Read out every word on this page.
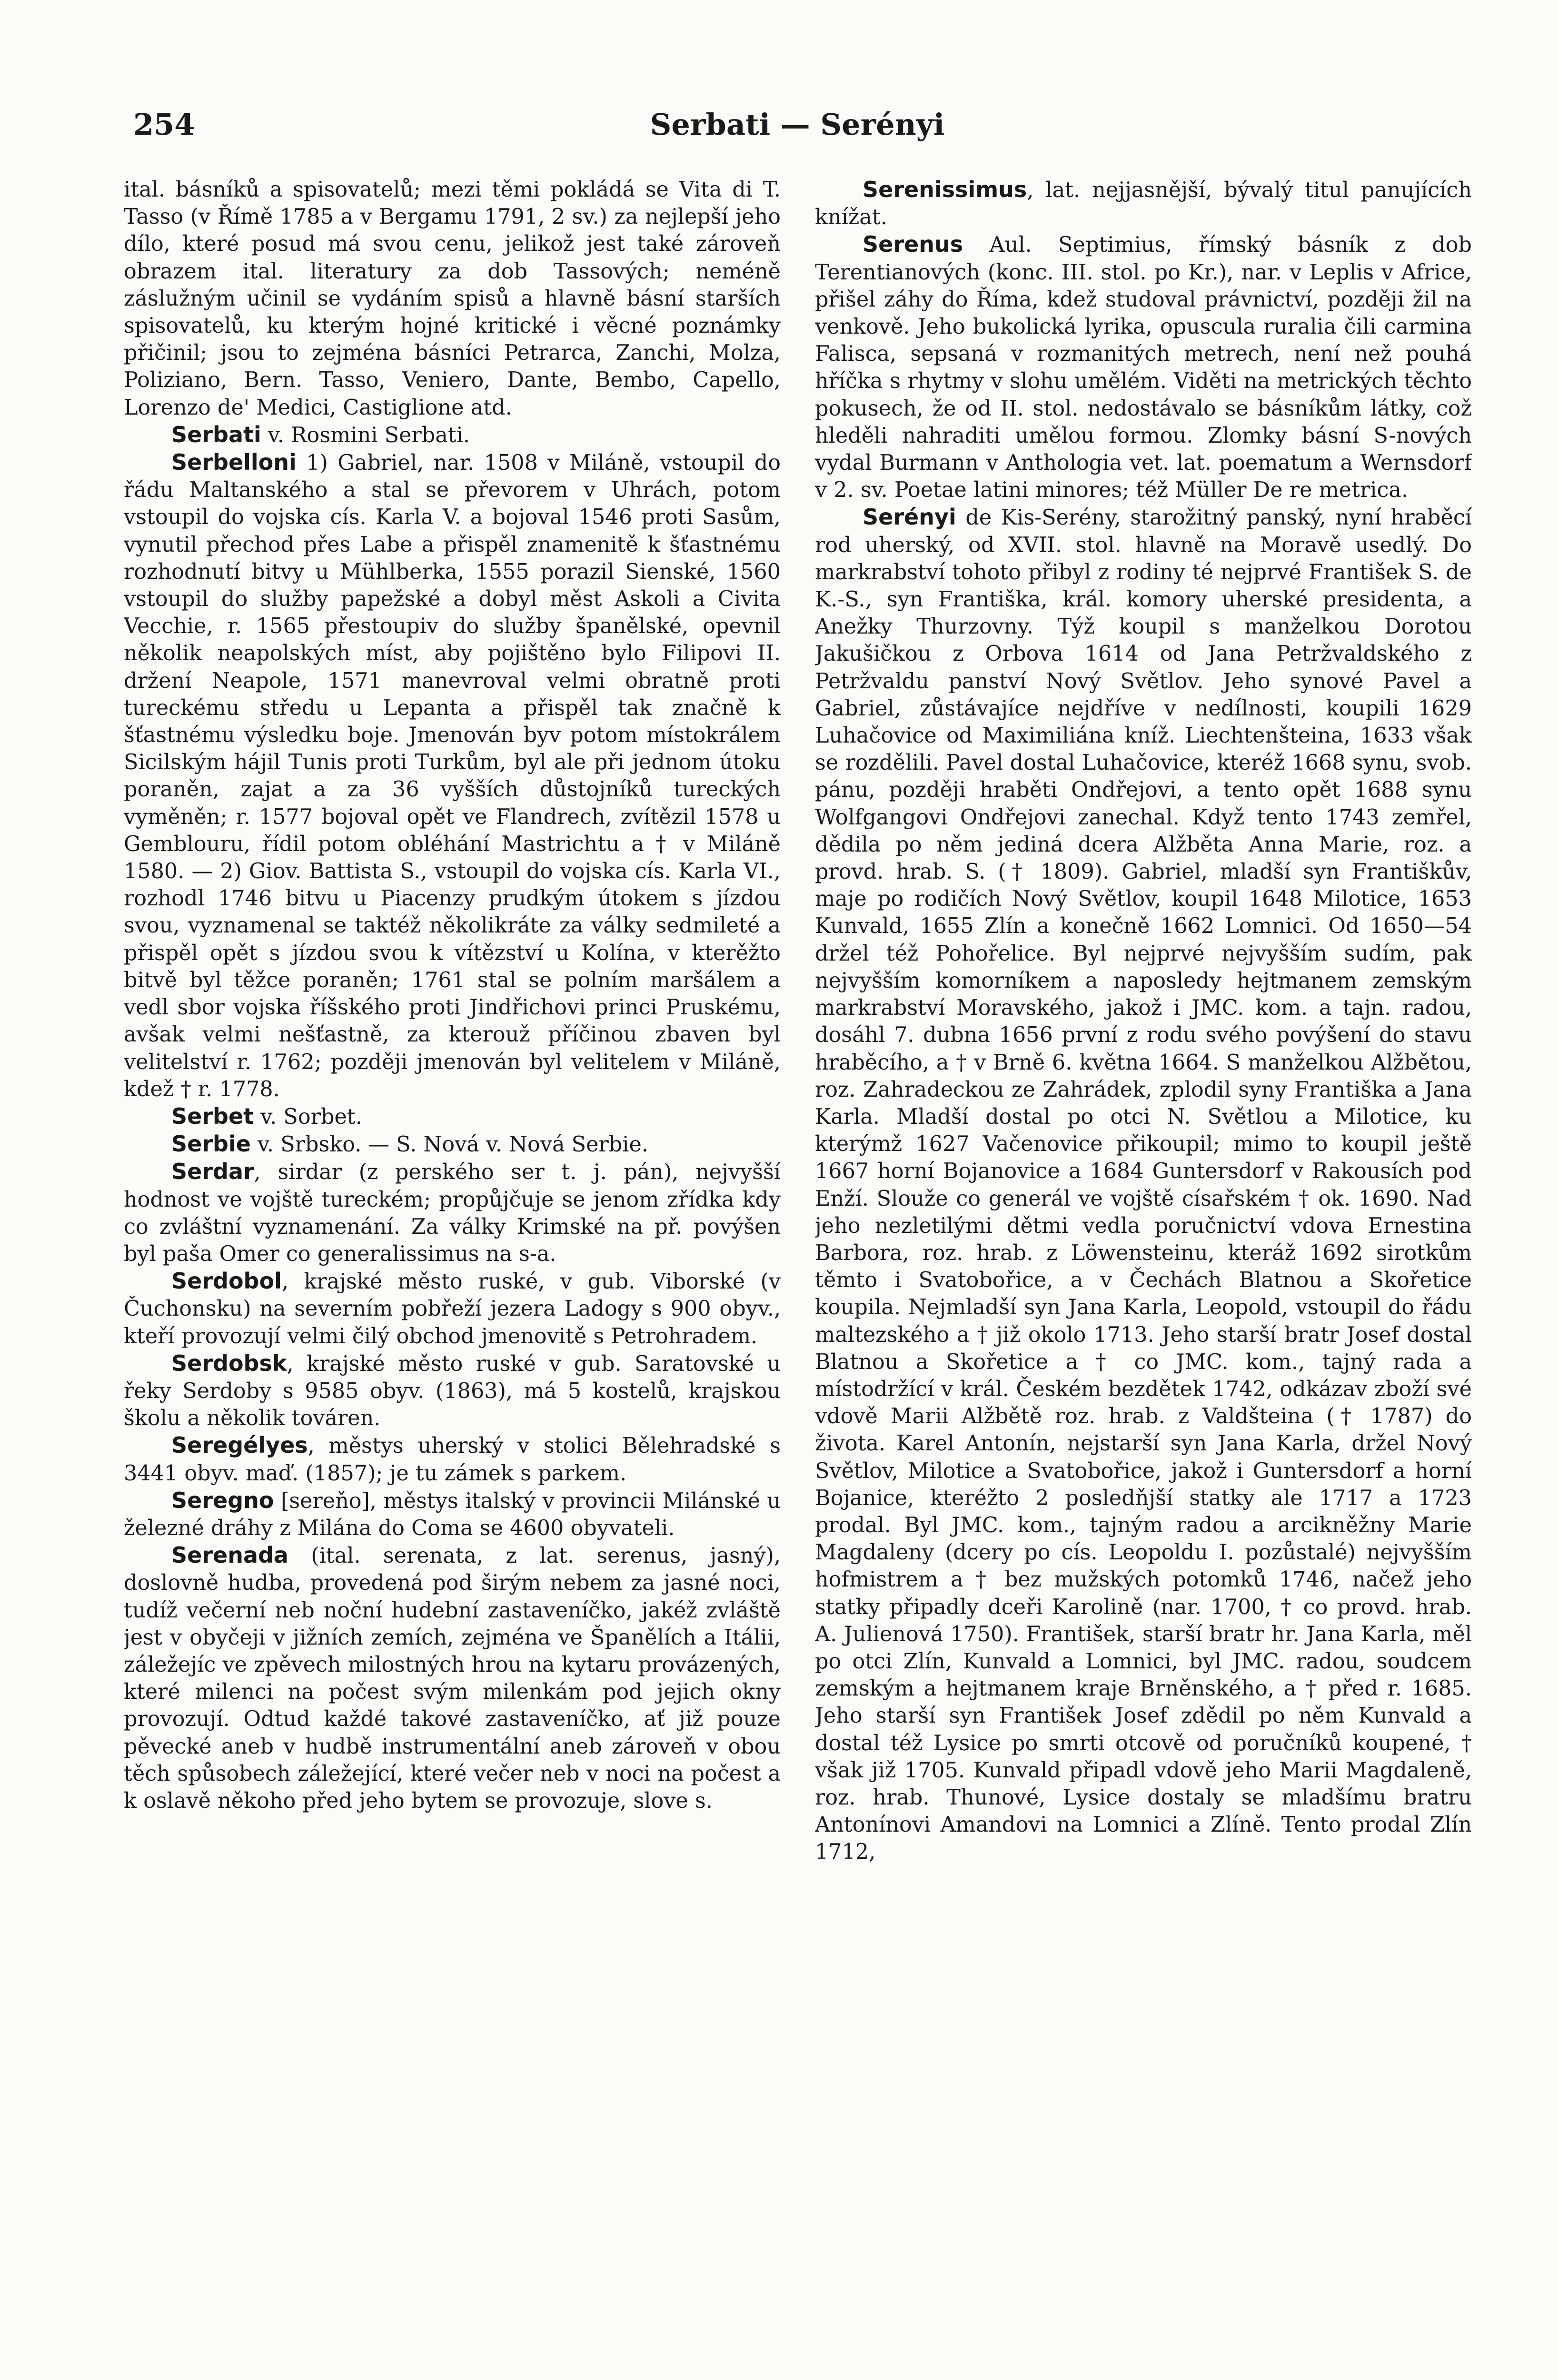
254	Serbati — Serényi

ital. básníků a spisovatelů; mezi těmi pokládá se Vita di T. Tasso (v Římě 1785 a v Bergamu 1791, 2 sv.) za nejlepší jeho dílo, které posud má svou cenu, jelikož jest také zároveň obrazem ital. literatury za dob Tassových; neméně záslužným učinil se vydáním spisů a hlavně básní starších spisovatelů, ku kterým hojné kritické i věcné poznámky přičinil; jsou to zejména básníci Petrarca, Zanchi, Molza, Poliziano, Bern. Tasso, Veniero, Dante, Bembo, Capello, Lorenzo de' Medici, Castiglione atd.

Serbati v. Rosmini Serbati.

Serbelloni 1) Gabriel, nar. 1508 v Miláně, vstoupil do řádu Maltanského a stal se převorem v Uhrách, potom vstoupil do vojska cís. Karla V. a bojoval 1546 proti Sasům, vynutil přechod přes Labe a přispěl znamenitě k šťastnému rozhodnutí bitvy u Mühlberka, 1555 porazil Sienské, 1560 vstoupil do služby papežské a dobyl měst Askoli a Civita Vecchie, r. 1565 přestoupiv do služby španělské, opevnil několik neapolských míst, aby pojištěno bylo Filipovi II. držení Neapole, 1571 manevroval velmi obratně proti tureckému středu u Lepanta a přispěl tak značně k šťastnému výsledku boje. Jmenován byv potom místokrálem Sicilským hájil Tunis proti Turkům, byl ale při jednom útoku poraněn, zajat a za 36 vyšších důstojníků tureckých vyměněn; r. 1577 bojoval opět ve Flandrech, zvítězil 1578 u Gemblouru, řídil potom obléhání Mastrichtu a † v Miláně 1580. — 2) Giov. Battista S., vstoupil do vojska cís. Karla VI., rozhodl 1746 bitvu u Piacenzy prudkým útokem s jízdou svou, vyznamenal se taktéž několikráte za války sedmileté a přispěl opět s jízdou svou k vítězství u Kolína, v kterěžto bitvě byl těžce poraněn; 1761 stal se polním maršálem a vedl sbor vojska říšského proti Jindřichovi princi Pruskému, avšak velmi nešťastně, za kterouž příčinou zbaven byl velitelství r. 1762; později jmenován byl velitelem v Miláně, kdež † r. 1778.

Serbet v. Sorbet.

Serbie v. Srbsko. — S. Nová v. Nová Serbie.

Serdar, sirdar (z perského ser t. j. pán), nejvyšší hodnost ve vojště tureckém; propůjčuje se jenom zřídka kdy co zvláštní vyznamenání. Za války Krimské na př. povýšen byl paša Omer co generalissimus na s-a.

Serdobol, krajské město ruské, v gub. Viborské (v Čuchonsku) na severním pobřeží jezera Ladogy s 900 obyv., kteří provozují velmi čilý obchod jmenovitě s Petrohradem.

Serdobsk, krajské město ruské v gub. Saratovské u řeky Serdoby s 9585 obyv. (1863), má 5 kostelů, krajskou školu a několik továren.

Seregélyes, městys uherský v stolici Bělehradské s 3441 obyv. maď. (1857); je tu zámek s parkem.

Seregno [sereňo], městys italský v provincii Milánské u železné dráhy z Milána do Coma se 4600 obyvateli.

Serenada (ital. serenata, z lat. serenus, jasný), doslovně hudba, provedená pod širým nebem za jasné noci, tudíž večerní neb noční hudební zastaveníčko, jakéž zvláště jest v obyčeji v jižních zemích, zejména ve Španělích a Itálii, záležejíc ve zpěvech milostných hrou na kytaru provázených, které milenci na počest svým milenkám pod jejich okny provozují. Odtud každé takové zastaveníčko, ať již pouze pěvecké aneb v hudbě instrumentální aneb zároveň v obou těch spůsobech záležející, které večer neb v noci na počest a k oslavě někoho před jeho bytem se provozuje, slove s.

Serenissimus, lat. nejjasnější, bývalý titul panujících knížat.

Serenus Aul. Septimius, římský básník z dob Terentianových (konc. III. stol. po Kr.), nar. v Leplis v Africe, přišel záhy do Říma, kdež studoval právnictví, později žil na venkově. Jeho bukolická lyrika, opuscula ruralia čili carmina Falisca, sepsaná v rozmanitých metrech, není než pouhá hříčka s rhytmy v slohu umělém. Viděti na metrických těchto pokusech, že od II. stol. nedostávalo se básníkům látky, což hleděli nahraditi umělou formou. Zlomky básní S-nových vydal Burmann v Anthologia vet. lat. poematum a Wernsdorf v 2. sv. Poetae latini minores; též Müller De re metrica.

Serényi de Kis-Serény, starožitný panský, nyní hraběcí rod uherský, od XVII. stol. hlavně na Moravě usedlý. Do markrabství tohoto přibyl z rodiny té nejprvé František S. de K.-S., syn Františka, král. komory uherské presidenta, a Anežky Thurzovny. Týž koupil s manželkou Dorotou Jakušičkou z Orbova 1614 od Jana Petržvaldského z Petržvaldu panství Nový Světlov. Jeho synové Pavel a Gabriel, zůstávajíce nejdříve v nedílnosti, koupili 1629 Luhačovice od Maximiliána kníž. Liechtenšteina, 1633 však se rozdělili. Pavel dostal Luhačovice, kteréž 1668 synu, svob. pánu, později hraběti Ondřejovi, a tento opět 1688 synu Wolfgangovi Ondřejovi zanechal. Když tento 1743 zemřel, dědila po něm jediná dcera Alžběta Anna Marie, roz. a provd. hrab. S. († 1809). Gabriel, mladší syn Františkův, maje po rodičích Nový Světlov, koupil 1648 Milotice, 1653 Kunvald, 1655 Zlín a konečně 1662 Lomnici. Od 1650—54 držel též Pohořelice. Byl nejprvé nejvyšším sudím, pak nejvyšším komorníkem a naposledy hejtmanem zemským markrabství Moravského, jakož i JMC. kom. a tajn. radou, dosáhl 7. dubna 1656 první z rodu svého povýšení do stavu hraběcího, a † v Brně 6. května 1664. S manželkou Alžbětou, roz. Zahradeckou ze Zahrádek, zplodil syny Františka a Jana Karla. Mladší dostal po otci N. Světlou a Milotice, ku kterýmž 1627 Vačenovice přikoupil; mimo to koupil ještě 1667 horní Bojanovice a 1684 Guntersdorf v Rakousích pod Enží. Slouže co generál ve vojště císařském † ok. 1690. Nad jeho nezletilými dětmi vedla poručnictví vdova Ernestina Barbora, roz. hrab. z Löwensteinu, kteráž 1692 sirotkům těmto i Svatobořice, a v Čechách Blatnou a Skořetice koupila. Nejmladší syn Jana Karla, Leopold, vstoupil do řádu maltezského a † již okolo 1713. Jeho starší bratr Josef dostal Blatnou a Skořetice a † co JMC. kom., tajný rada a místodržící v král. Českém bezdětek 1742, odkázav zboží své vdově Marii Alžbětě roz. hrab. z Valdšteina († 1787) do života. Karel Antonín, nejstarší syn Jana Karla, držel Nový Světlov, Milotice a Svatobořice, jakož i Guntersdorf a horní Bojanice, kteréžto 2 posledňjší statky ale 1717 a 1723 prodal. Byl JMC. kom., tajným radou a arcikněžny Marie Magdaleny (dcery po cís. Leopoldu I. pozůstalé) nejvyšším hofmistrem a † bez mužských potomků 1746, načež jeho statky připadly dceři Karolině (nar. 1700, † co provd. hrab. A. Julienová 1750). František, starší bratr hr. Jana Karla, měl po otci Zlín, Kunvald a Lomnici, byl JMC. radou, soudcem zemským a hejtmanem kraje Brněnského, a † před r. 1685. Jeho starší syn František Josef zdědil po něm Kunvald a dostal též Lysice po smrti otcově od poručníků koupené, † však již 1705. Kunvald připadl vdově jeho Marii Magdaleně, roz. hrab. Thunové, Lysice dostaly se mladšímu bratru Antonínovi Amandovi na Lomnici a Zlíně. Tento prodal Zlín 1712,
